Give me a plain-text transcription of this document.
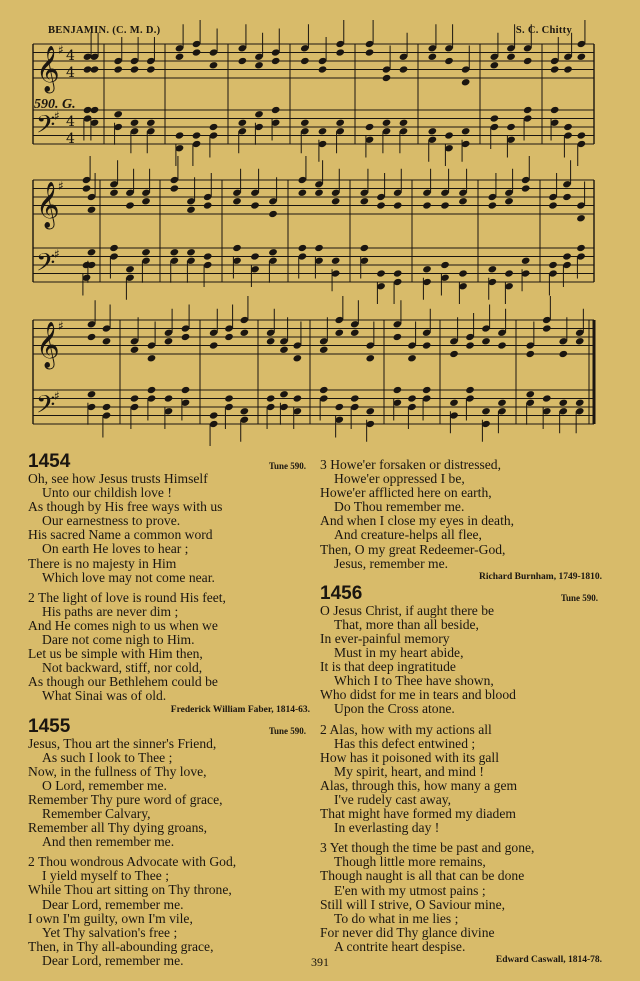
BENJAMIN. (C. M. D.)	S. C. Chitty
590. G.
𝄞
♯ 4
4
𝄢
♯ 4
4
𝄞
♯
𝄢
♯
𝄞
♯
𝄢
♯
1454	Tune 590.
Oh, see how Jesus trusts Himself
Unto our childish love !
As though by His free ways with us
Our earnestness to prove.
His sacred Name a common word
On earth He loves to hear ;
There is no majesty in Him
Which love may not come near.
2 The light of love is round His feet,
His paths are never dim ;
And He comes nigh to us when we
Dare not come nigh to Him.
Let us be simple with Him then,
Not backward, stiff, nor cold,
As though our Bethlehem could be
What Sinai was of old.
Frederick William Faber, 1814-63.
1455	Tune 590.
Jesus, Thou art the sinner's Friend,
As such I look to Thee ;
Now, in the fullness of Thy love,
O Lord, remember me.
Remember Thy pure word of grace,
Remember Calvary,
Remember all Thy dying groans,
And then remember me.
2 Thou wondrous Advocate with God,
I yield myself to Thee ;
While Thou art sitting on Thy throne,
Dear Lord, remember me.
I own I'm guilty, own I'm vile,
Yet Thy salvation's free ;
Then, in Thy all-abounding grace,
Dear Lord, remember me.
3 Howe'er forsaken or distressed,
Howe'er oppressed I be,
Howe'er afflicted here on earth,
Do Thou remember me.
And when I close my eyes in death,
And creature-helps all flee,
Then, O my great Redeemer-God,
Jesus, remember me.
Richard Burnham, 1749-1810.
1456	Tune 590.
O Jesus Christ, if aught there be
That, more than all beside,
In ever-painful memory
Must in my heart abide,
It is that deep ingratitude
Which I to Thee have shown,
Who didst for me in tears and blood
Upon the Cross atone.
2 Alas, how with my actions all
Has this defect entwined ;
How has it poisoned with its gall
My spirit, heart, and mind !
Alas, through this, how many a gem
I've rudely cast away,
That might have formed my diadem
In everlasting day !
3 Yet though the time be past and gone,
Though little more remains,
Though naught is all that can be done
E'en with my utmost pains ;
Still will I strive, O Saviour mine,
To do what in me lies ;
For never did Thy glance divine
A contrite heart despise.
Edward Caswall, 1814-78.
391
